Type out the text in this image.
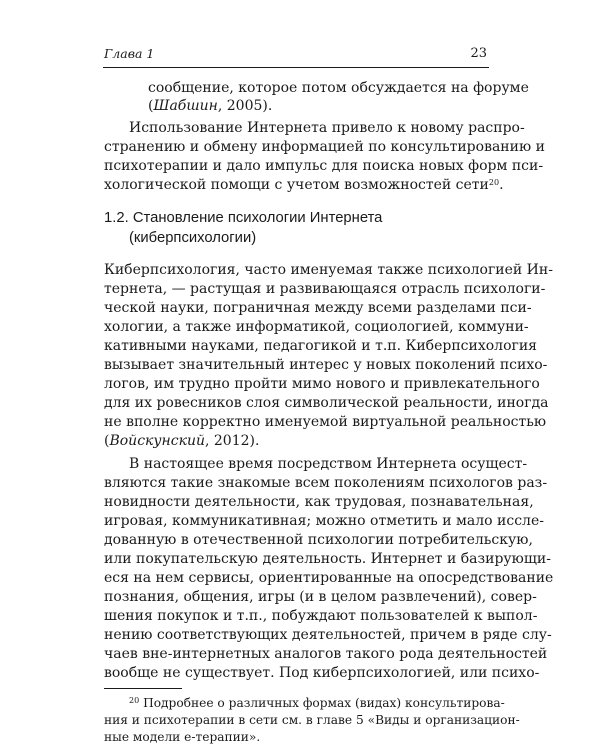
Глава 1	23
сообщение, которое потом обсуждается на форуме
(Шабшин, 2005).
Использование Интернета привело к новому распро-
странению и обмену информацией по консультированию и
психотерапии и дало импульс для поиска новых форм пси-
хологической помощи с учетом возможностей сети$^{20}$.
1.2. Становление психологии Интернета
(киберпсихологии)
Киберпсихология, часто именуемая также психологией Ин-
тернета, — растущая и развивающаяся отрасль психологи-
ческой науки, пограничная между всеми разделами пси-
хологии, а также информатикой, социологией, коммуни-
кативными науками, педагогикой и т.п. Киберпсихология
вызывает значительный интерес у новых поколений психо-
логов, им трудно пройти мимо нового и привлекательного
для их ровесников слоя символической реальности, иногда
не вполне корректно именуемой виртуальной реальностью
(Войскунский, 2012).
В настоящее время посредством Интернета осущест-
вляются такие знакомые всем поколениям психологов раз-
новидности деятельности, как трудовая, познавательная,
игровая, коммуникативная; можно отметить и мало иссле-
дованную в отечественной психологии потребительскую,
или покупательскую деятельность. Интернет и базирующи-
еся на нем сервисы, ориентированные на опосредствование
познания, общения, игры (и в целом развлечений), совер-
шения покупок и т.п., побуждают пользователей к выпол-
нению соответствующих деятельностей, причем в ряде слу-
чаев вне-интернетных аналогов такого рода деятельностей
вообще не существует. Под киберпсихологией, или психо-
$^{20}$ Подробнее о различных формах (видах) консультирова-
ния и психотерапии в сети см. в главе 5 «Виды и организацион-
ные модели е-терапии».
